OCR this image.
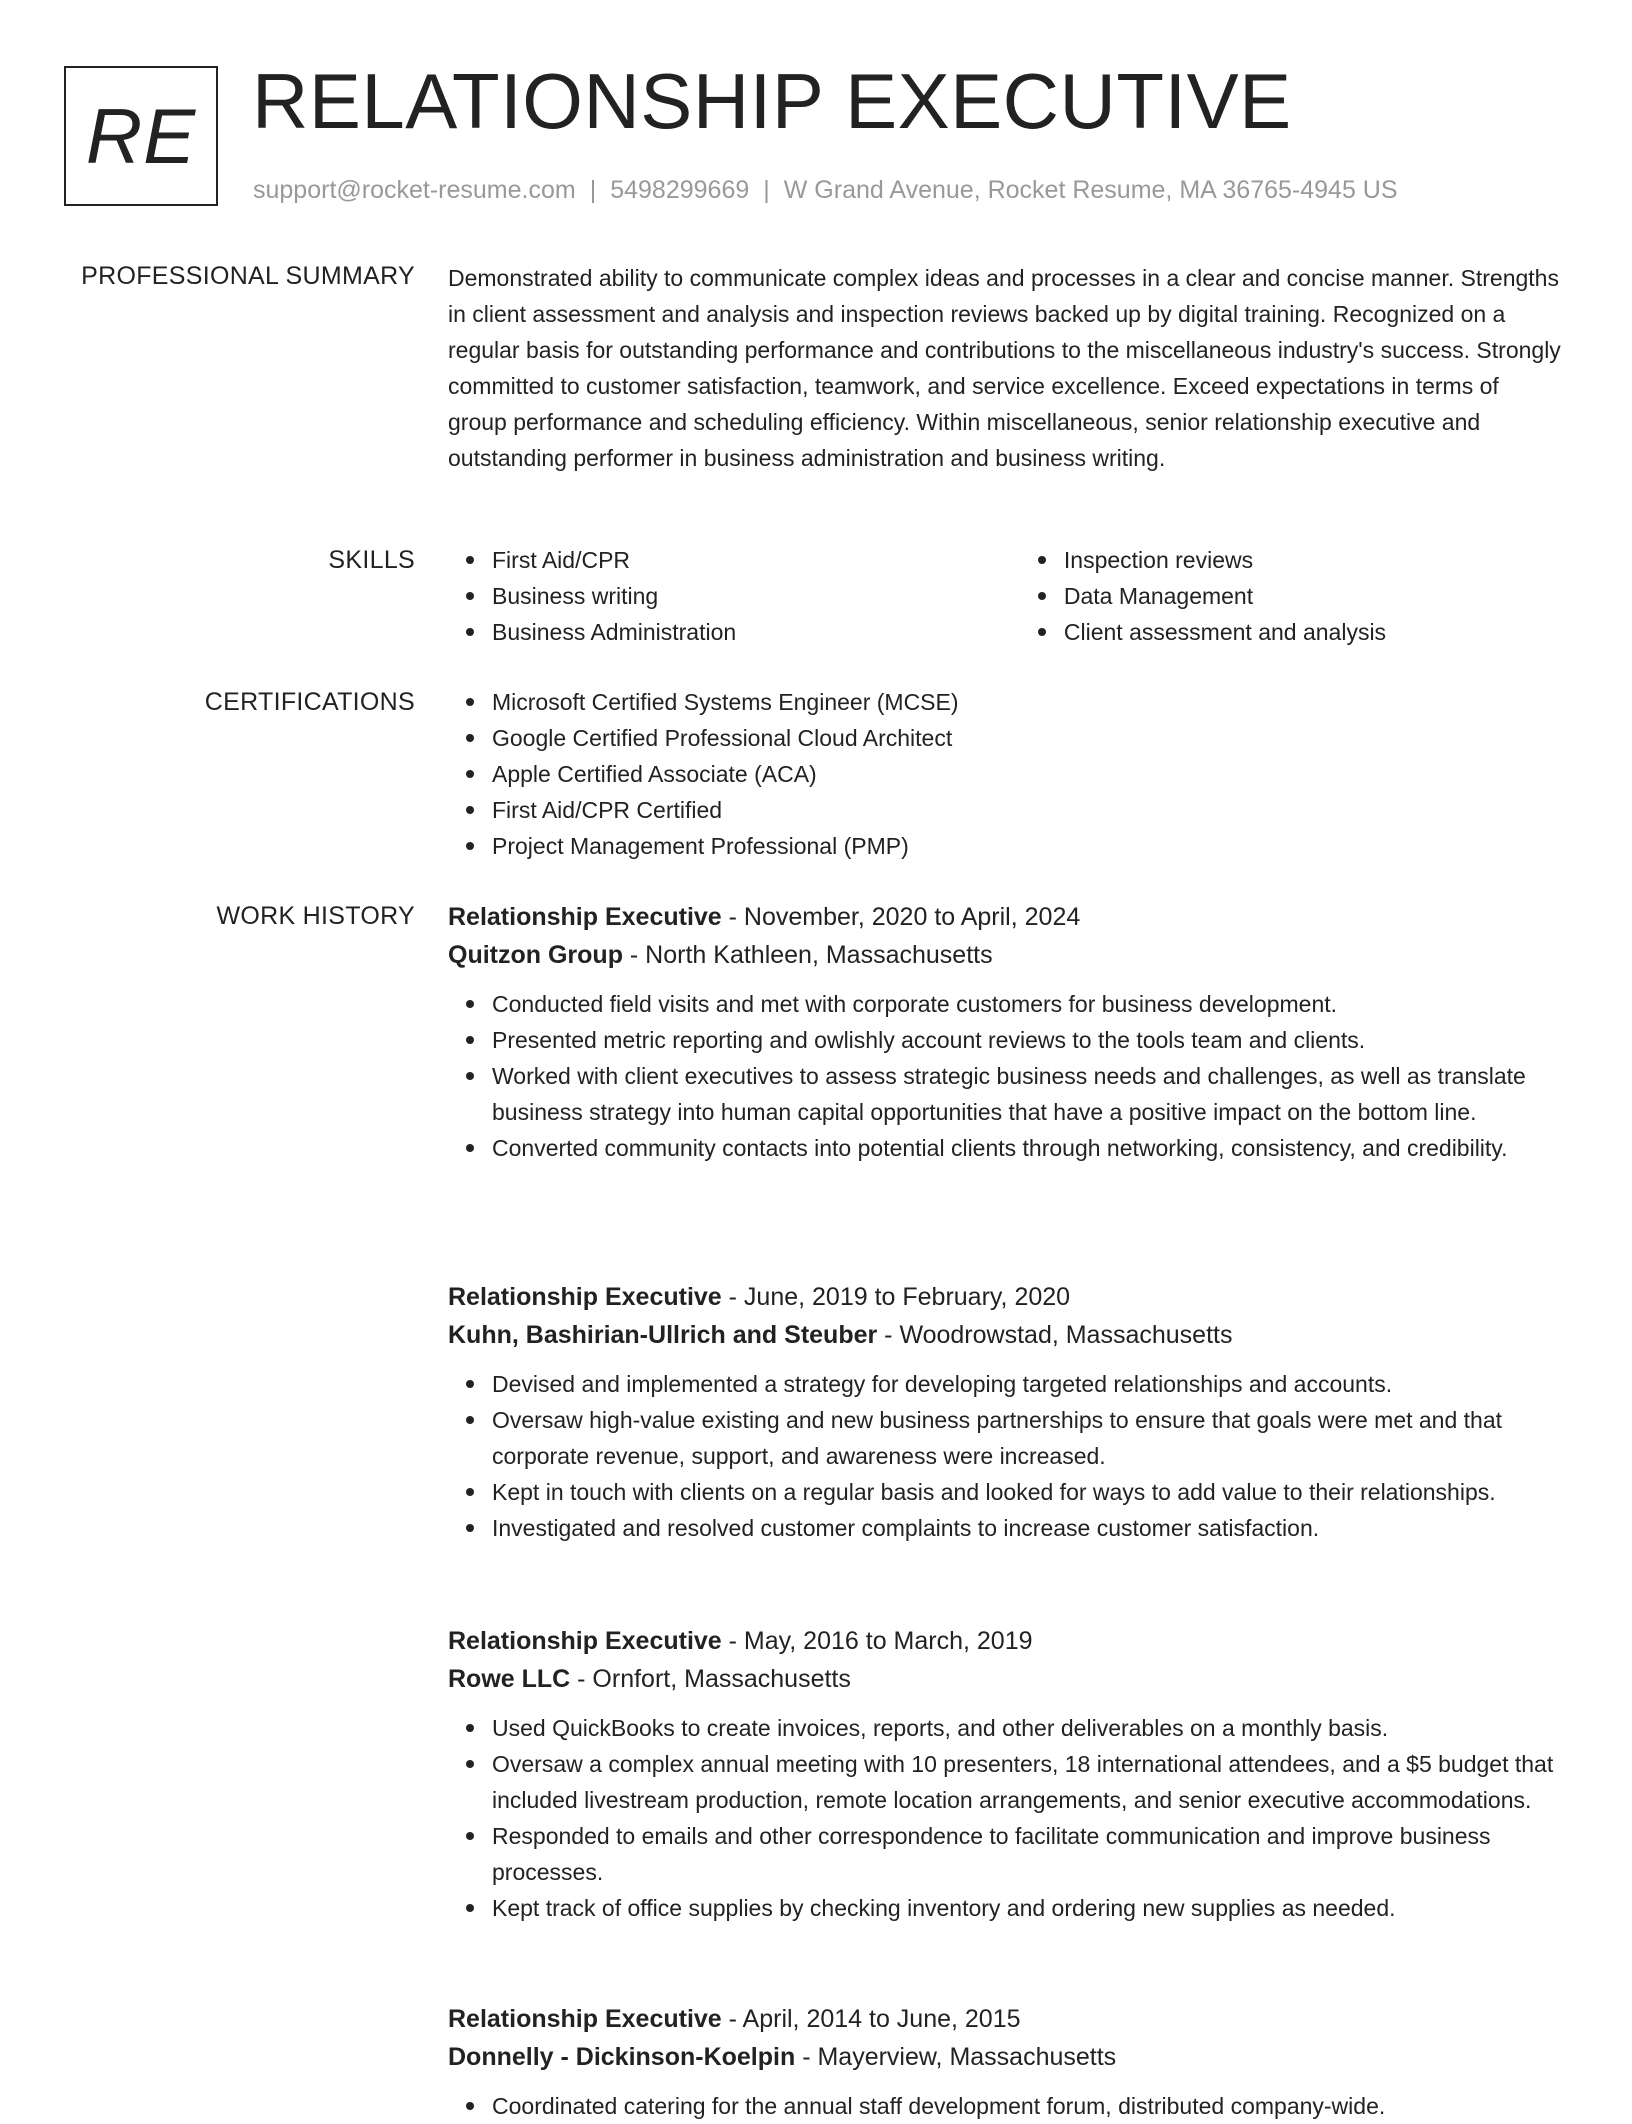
RE RELATIONSHIP EXECUTIVE
support@rocket-resume.com | 5498299669 | W Grand Avenue, Rocket Resume, MA 36765-4945 US
PROFESSIONAL SUMMARY Demonstrated ability to communicate complex ideas and processes in a clear and concise manner. Strengths in client assessment and analysis and inspection reviews backed up by digital training. Recognized on a regular basis for outstanding performance and contributions to the miscellaneous industry's success. Strongly committed to customer satisfaction, teamwork, and service excellence. Exceed expectations in terms of group performance and scheduling efficiency. Within miscellaneous, senior relationship executive and outstanding performer in business administration and business writing.

SKILLS	First Aid/CPR
Business writing
Business Administration
Inspection reviews
Data Management
Client assessment and analysis
CERTIFICATIONS	Microsoft Certified Systems Engineer (MCSE)
Google Certified Professional Cloud Architect
Apple Certified Associate (ACA)
First Aid/CPR Certified
Project Management Professional (PMP)
WORK HISTORY Relationship Executive - November, 2020 to April, 2024
Quitzon Group - North Kathleen, Massachusetts
Conducted field visits and met with corporate customers for business development.
Presented metric reporting and owlishly account reviews to the tools team and clients.
Worked with client executives to assess strategic business needs and challenges, as well as translate business strategy into human capital opportunities that have a positive impact on the bottom line.
Converted community contacts into potential clients through networking, consistency, and credibility.
Relationship Executive - June, 2019 to February, 2020
Kuhn, Bashirian-Ullrich and Steuber - Woodrowstad, Massachusetts
Devised and implemented a strategy for developing targeted relationships and accounts.
Oversaw high-value existing and new business partnerships to ensure that goals were met and that corporate revenue, support, and awareness were increased.
Kept in touch with clients on a regular basis and looked for ways to add value to their relationships.
Investigated and resolved customer complaints to increase customer satisfaction.
Relationship Executive - May, 2016 to March, 2019
Rowe LLC - Ornfort, Massachusetts
Used QuickBooks to create invoices, reports, and other deliverables on a monthly basis.
Oversaw a complex annual meeting with 10 presenters, 18 international attendees, and a $5 budget that included livestream production, remote location arrangements, and senior executive accommodations.
Responded to emails and other correspondence to facilitate communication and improve business processes.
Kept track of office supplies by checking inventory and ordering new supplies as needed.
Relationship Executive - April, 2014 to June, 2015
Donnelly - Dickinson-Koelpin - Mayerview, Massachusetts
Coordinated catering for the annual staff development forum, distributed company-wide.
